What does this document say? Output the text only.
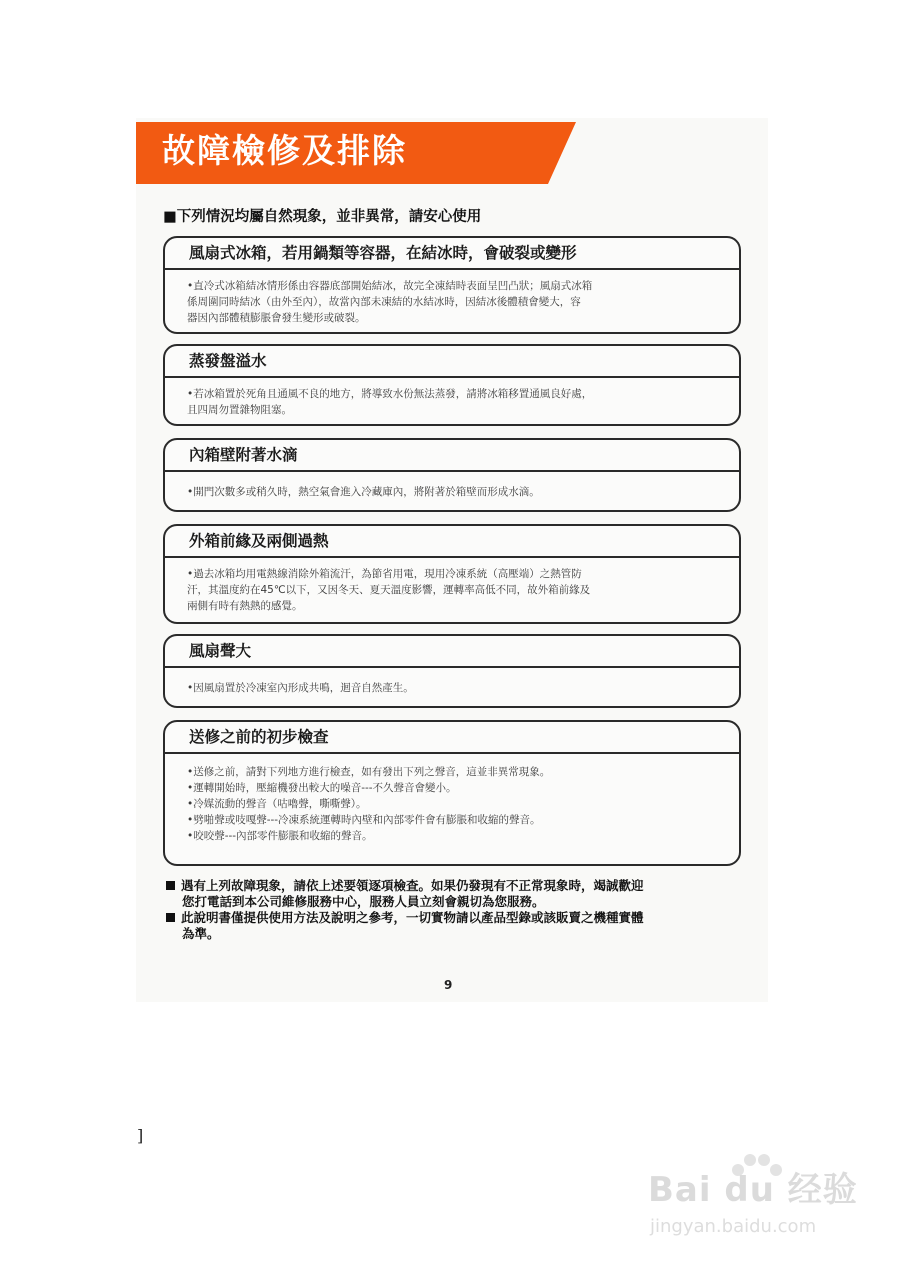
故障檢修及排除
■下列情況均屬自然現象，並非異常，請安心使用
風扇式冰箱，若用鍋類等容器，在結冰時，會破裂或變形
•直冷式冰箱結冰情形係由容器底部開始結冰，故完全凍結時表面呈凹凸狀；風扇式冰箱
係周圍同時結冰（由外至內），故當內部未凍結的水結冰時，因結冰後體積會變大，容
器因內部體積膨脹會發生變形或破裂。
蒸發盤溢水
•若冰箱置於死角且通風不良的地方，將導致水份無法蒸發，請將冰箱移置通風良好處，
且四周勿置雜物阻塞。
內箱壁附著水滴
•開門次數多或稍久時，熱空氣會進入冷藏庫內，將附著於箱壁而形成水滴。
外箱前緣及兩側過熱
•過去冰箱均用電熱線消除外箱流汗，為節省用電，現用冷凍系統（高壓端）之熱管防
汗，其溫度約在45℃以下，又因冬天、夏天溫度影響，運轉率高低不同，故外箱前緣及
兩側有時有熱熱的感覺。
風扇聲大
•因風扇置於冷凍室內形成共鳴，迴音自然產生。
送修之前的初步檢查
•送修之前，請對下列地方進行檢查，如有發出下列之聲音，這並非異常現象。
•運轉開始時，壓縮機發出較大的噪音---不久聲音會變小。
•冷媒流動的聲音（咕嚕聲，嘶嘶聲）。
•劈啪聲或吱嘎聲---冷凍系統運轉時內壁和內部零件會有膨脹和收縮的聲音。
•咬咬聲---內部零件膨脹和收縮的聲音。
遇有上列故障現象，請依上述要領逐項檢查。如果仍發現有不正常現象時，竭誠歡迎
您打電話到本公司維修服務中心，服務人員立刻會親切為您服務。
此說明書僅提供使用方法及說明之參考，一切實物請以產品型錄或該販賣之機種實體
為準。
9
]
Bai du 经验
jingyan.baidu.com
